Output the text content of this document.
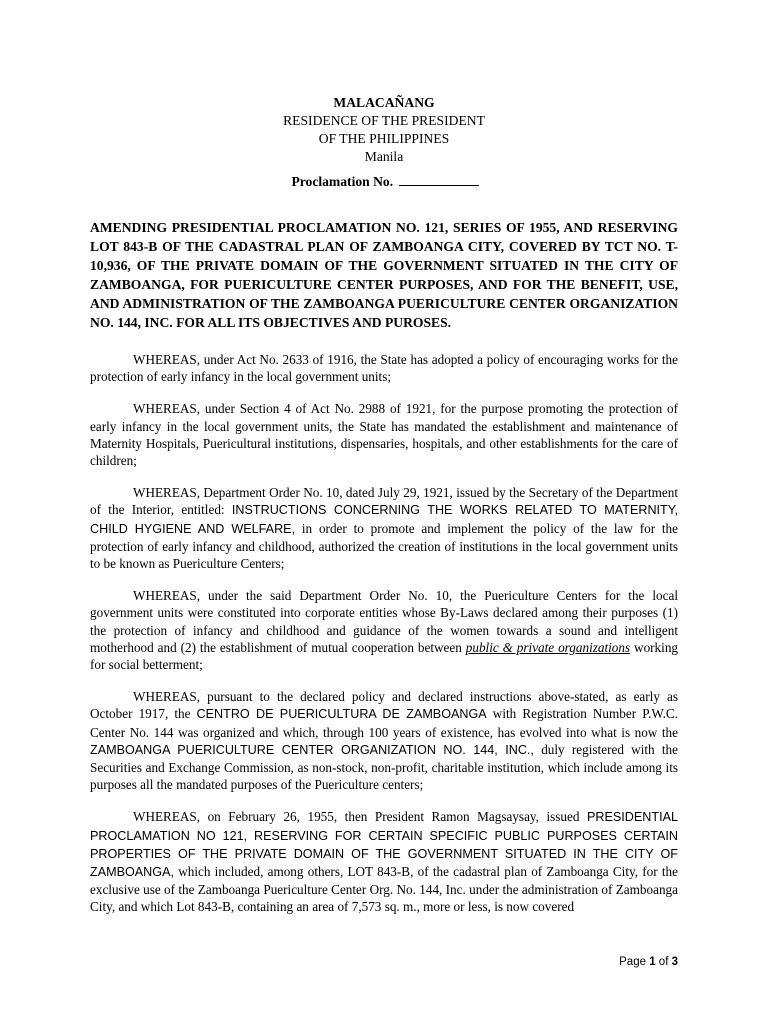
MALACAÑANG
RESIDENCE OF THE PRESIDENT
OF THE PHILIPPINES
Manila
Proclamation No.
AMENDING PRESIDENTIAL PROCLAMATION NO. 121, SERIES OF 1955, AND RESERVING LOT 843-B OF THE CADASTRAL PLAN OF ZAMBOANGA CITY, COVERED BY TCT NO. T-10,936, OF THE PRIVATE DOMAIN OF THE GOVERNMENT SITUATED IN THE CITY OF ZAMBOANGA, FOR PUERICULTURE CENTER PURPOSES, AND FOR THE BENEFIT, USE, AND ADMINISTRATION OF THE ZAMBOANGA PUERICULTURE CENTER ORGANIZATION NO. 144, INC. FOR ALL ITS OBJECTIVES AND PUROSES.

WHEREAS, under Act No. 2633 of 1916, the State has adopted a policy of encouraging works for the protection of early infancy in the local government units;

WHEREAS, under Section 4 of Act No. 2988 of 1921, for the purpose promoting the protection of early infancy in the local government units, the State has mandated the establishment and maintenance of Maternity Hospitals, Puericultural institutions, dispensaries, hospitals, and other establishments for the care of children;

WHEREAS, Department Order No. 10, dated July 29, 1921, issued by the Secretary of the Department of the Interior, entitled: INSTRUCTIONS CONCERNING THE WORKS RELATED TO MATERNITY, CHILD HYGIENE AND WELFARE, in order to promote and implement the policy of the law for the protection of early infancy and childhood, authorized the creation of institutions in the local government units to be known as Puericulture Centers;

WHEREAS, under the said Department Order No. 10, the Puericulture Centers for the local government units were constituted into corporate entities whose By-Laws declared among their purposes (1) the protection of infancy and childhood and guidance of the women towards a sound and intelligent motherhood and (2) the establishment of mutual cooperation between public & private organizations working for social betterment;

WHEREAS, pursuant to the declared policy and declared instructions above-stated, as early as October 1917, the CENTRO DE PUERICULTURA DE ZAMBOANGA with Registration Number P.W.C. Center No. 144 was organized and which, through 100 years of existence, has evolved into what is now the ZAMBOANGA PUERICULTURE CENTER ORGANIZATION NO. 144, INC., duly registered with the Securities and Exchange Commission, as non-stock, non-profit, charitable institution, which include among its purposes all the mandated purposes of the Puericulture centers;

WHEREAS, on February 26, 1955, then President Ramon Magsaysay, issued PRESIDENTIAL PROCLAMATION NO 121, RESERVING FOR CERTAIN SPECIFIC PUBLIC PURPOSES CERTAIN PROPERTIES OF THE PRIVATE DOMAIN OF THE GOVERNMENT SITUATED IN THE CITY OF ZAMBOANGA, which included, among others, LOT 843-B, of the cadastral plan of Zamboanga City, for the exclusive use of the Zamboanga Puericulture Center Org. No. 144, Inc. under the administration of Zamboanga City, and which Lot 843-B, containing an area of 7,573 sq. m., more or less, is now covered

Page 1 of 3
